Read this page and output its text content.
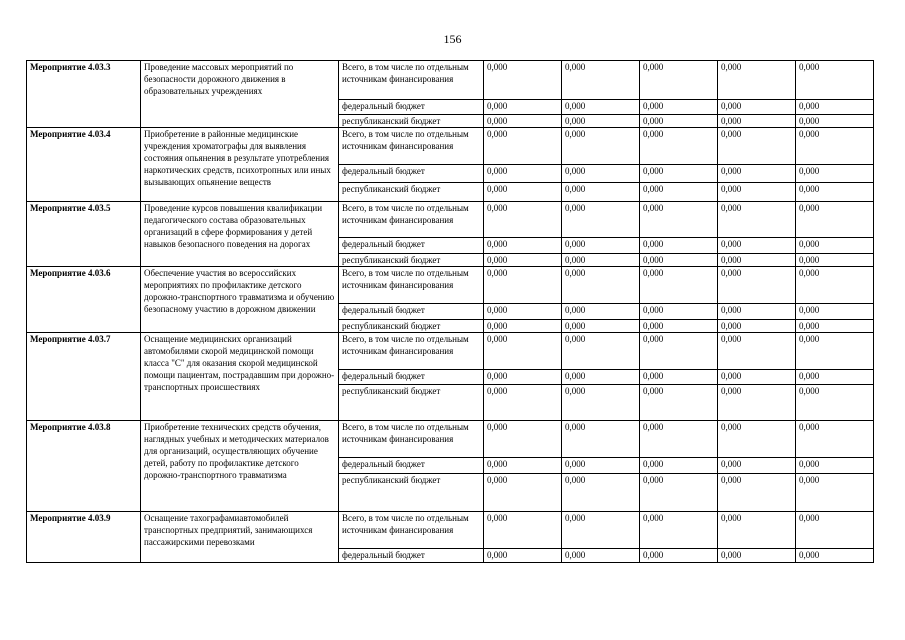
156
Мероприятие 4.03.3	Проведение массовых мероприятий по безопасности дорожного движения в образовательных учреждениях	Всего, в том числе по отдельным источникам финансирования	0,000	0,000	0,000	0,000	0,000
		федеральный бюджет	0,000	0,000	0,000	0,000	0,000
		республиканский бюджет	0,000	0,000	0,000	0,000	0,000
Мероприятие 4.03.4	Приобретение в районные медицинские учреждения хроматографы для выявления состояния опьянения в результате употребления наркотических средств, психотропных или иных вызывающих опьянение веществ	Всего, в том числе по отдельным источникам финансирования	0,000	0,000	0,000	0,000	0,000
		федеральный бюджет	0,000	0,000	0,000	0,000	0,000
		республиканский бюджет	0,000	0,000	0,000	0,000	0,000
Мероприятие 4.03.5	Проведение курсов повышения квалификации педагогического состава образовательных организаций в сфере формирования у детей навыков безопасного поведения на дорогах	Всего, в том числе по отдельным источникам финансирования	0,000	0,000	0,000	0,000	0,000
		федеральный бюджет	0,000	0,000	0,000	0,000	0,000
		республиканский бюджет	0,000	0,000	0,000	0,000	0,000
Мероприятие 4.03.6	Обеспечение участия во всероссийских мероприятиях по профилактике детского дорожно-транспортного травматизма и обучению безопасному участию в дорожном движении	Всего, в том числе по отдельным источникам финансирования	0,000	0,000	0,000	0,000	0,000
		федеральный бюджет	0,000	0,000	0,000	0,000	0,000
		республиканский бюджет	0,000	0,000	0,000	0,000	0,000
Мероприятие 4.03.7	Оснащение медицинских организаций автомобилями скорой медицинской помощи класса "С" для оказания скорой медицинской помощи пациентам, пострадавшим при дорожно-транспортных происшествиях	Всего, в том числе по отдельным источникам финансирования	0,000	0,000	0,000	0,000	0,000
		федеральный бюджет	0,000	0,000	0,000	0,000	0,000
		республиканский бюджет	0,000	0,000	0,000	0,000	0,000
Мероприятие 4.03.8	Приобретение технических средств обучения, наглядных учебных и методических материалов для организаций, осуществляющих обучение детей, работу по профилактике детского дорожно-транспортного травматизма	Всего, в том числе по отдельным источникам финансирования	0,000	0,000	0,000	0,000	0,000
		федеральный бюджет	0,000	0,000	0,000	0,000	0,000
		республиканский бюджет	0,000	0,000	0,000	0,000	0,000
Мероприятие 4.03.9	Оснащение тахографамиавтомобилей транспортных предприятий, занимающихся пассажирскими перевозками	Всего, в том числе по отдельным источникам финансирования	0,000	0,000	0,000	0,000	0,000
		федеральный бюджет	0,000	0,000	0,000	0,000	0,000
